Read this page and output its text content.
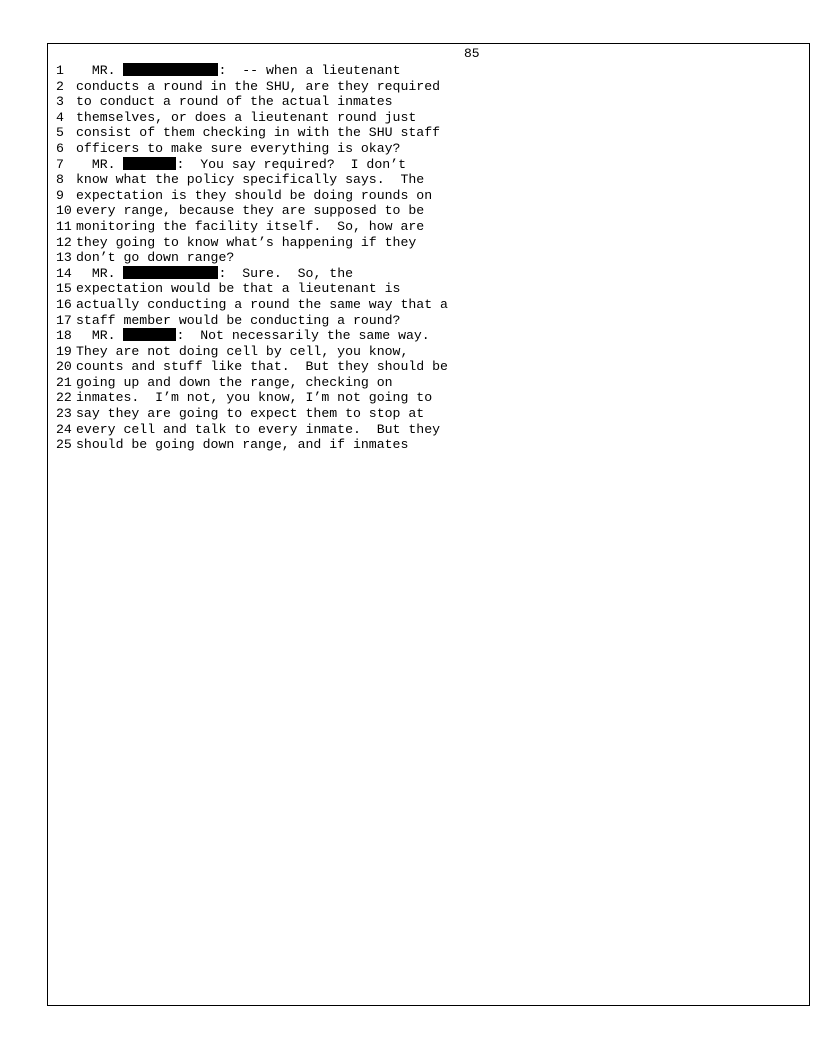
85
1 MR.	:  -- when a lieutenant
2 conducts a round in the SHU, are they required
3 to conduct a round of the actual inmates
4 themselves, or does a lieutenant round just
5 consist of them checking in with the SHU staff
6 officers to make sure everything is okay?
7 MR.	:  You say required?  I don’t
8 know what the policy specifically says.  The
9 expectation is they should be doing rounds on
10 every range, because they are supposed to be
11 monitoring the facility itself.  So, how are
12 they going to know what’s happening if they
13 don’t go down range?
14 MR.	:  Sure.  So, the
15 expectation would be that a lieutenant is
16 actually conducting a round the same way that a
17 staff member would be conducting a round?
18 MR.	:  Not necessarily the same way.
19 They are not doing cell by cell, you know,
20 counts and stuff like that.  But they should be
21 going up and down the range, checking on
22 inmates.  I’m not, you know, I’m not going to
23 say they are going to expect them to stop at
24 every cell and talk to every inmate.  But they
25 should be going down range, and if inmates
